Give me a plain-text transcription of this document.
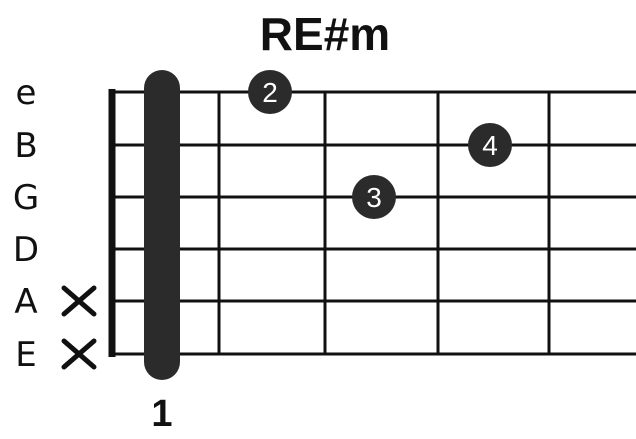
RE#m
e
B
G
D
A
E
2
3
4
1
